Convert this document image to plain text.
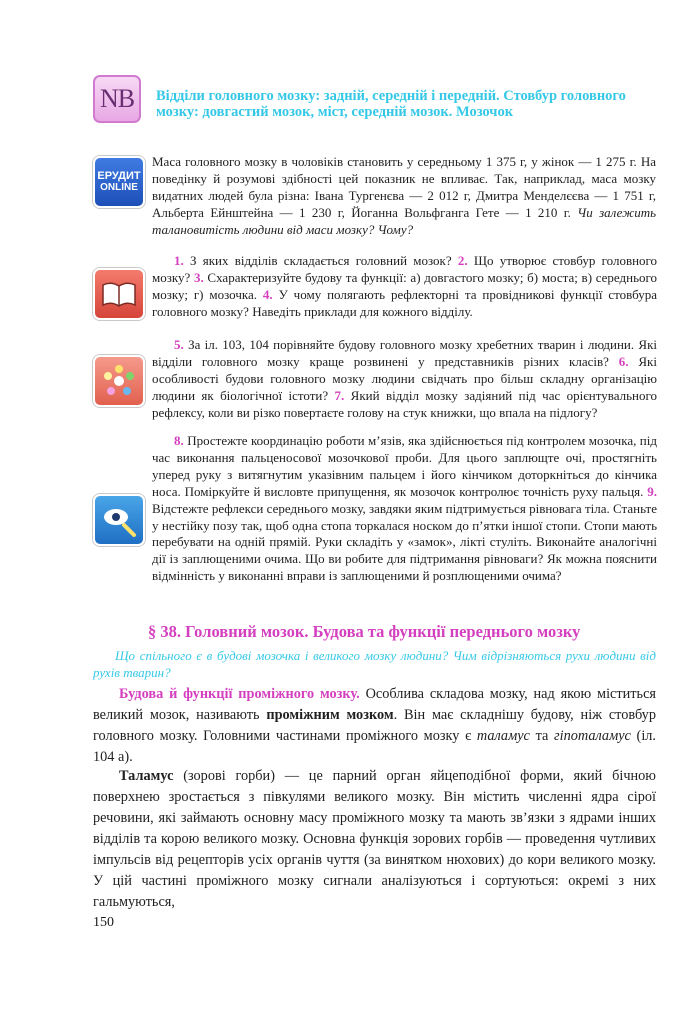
NB	Відділи головного мозку: задній, середній і передній. Стовбур головного мозку: довгастий мозок, міст, середній мозок. Мозочок
ЕРУДИТ
ONLINE
Маса головного мозку в чоловіків становить у середньому 1 375 г, у жінок — 1 275 г. На поведінку й розумові здібності цей показник не впливає. Так, наприклад, маса мозку видатних людей була різна: Івана Тургенєва — 2 012 г, Дмитра Менделєєва — 1 751 г, Альберта Ейнштейна — 1 230 г, Йоганна Вольфганга Гете — 1 210 г. Чи залежить талановитість людини від маси мозку? Чому?

1. З яких відділів складається головний мозок? 2. Що утворює стовбур головного мозку? 3. Схарактеризуйте будову та функції: а) довгастого мозку; б) моста; в) середнього мозку; г) мозочка. 4. У чому полягають рефлекторні та провідникові функції стовбура головного мозку? Наведіть приклади для кожного відділу.

5. За іл. 103, 104 порівняйте будову головного мозку хребетних тварин і людини. Які відділи головного мозку краще розвинені у представників різних класів? 6. Які особливості будови головного мозку людини свідчать про більш складну організацію людини як біологічної істоти? 7. Який відділ мозку задіяний під час орієнтувального рефлексу, коли ви різко повертаєте голову на стук книжки, що впала на підлогу?

8. Простежте координацію роботи м’язів, яка здійснюється під контролем мозочка, під час виконання пальценосової мозочкової проби. Для цього заплющте очі, простягніть уперед руку з витягнутим указівним пальцем і його кінчиком доторкніться до кінчика носа. Поміркуйте й висловте припущення, як мозочок контролює точність руху пальця. 9. Відстежте рефлекси середнього мозку, завдяки яким підтримується рівновага тіла. Станьте у нестійку позу так, щоб одна стопа торкалася носком до п’ятки іншої стопи. Стопи мають перебувати на одній прямій. Руки складіть у «замок», лікті стуліть. Виконайте аналогічні дії із заплющеними очима. Що ви робите для підтримання рівноваги? Як можна пояснити відмінність у виконанні вправи із заплющеними й розплющеними очима?

§ 38. Головний мозок. Будова та функції переднього мозку
Що спільного є в будові мозочка і великого мозку людини? Чим відрізняються рухи людини від рухів тварин?

Будова й функції проміжного мозку. Особлива складова мозку, над якою міститься великий мозок, називають проміжним мозком. Він має складнішу будову, ніж стовбур головного мозку. Головними частинами проміжного мозку є таламус та гіпоталамус (іл. 104 а).

Таламус (зорові горби) — це парний орган яйцеподібної форми, який бічною поверхнею зростається з півкулями великого мозку. Він містить численні ядра сірої речовини, які займають основну масу проміжного мозку та мають зв’язки з ядрами інших відділів та корою великого мозку. Основна функція зорових горбів — проведення чутливих імпульсів від рецепторів усіх органів чуття (за винятком нюхових) до кори великого мозку. У цій частині проміжного мозку сигнали аналізуються і сортуються: окремі з них гальмуються,

150
